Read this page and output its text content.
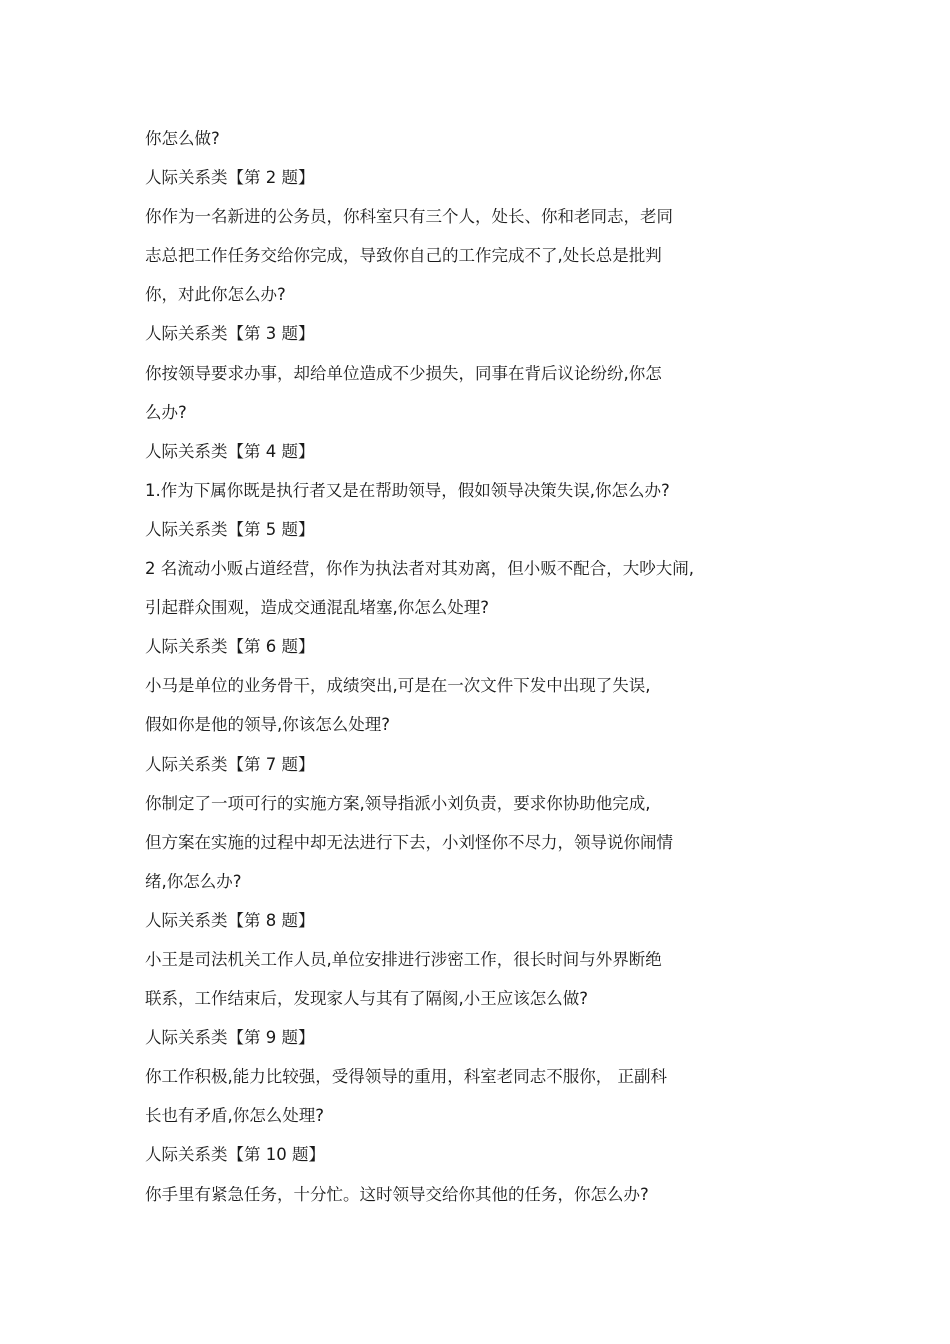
你怎么做?
人际关系类【第 2 题】
你作为一名新进的公务员，你科室只有三个人，处长、你和老同志，老同
志总把工作任务交给你完成，导致你自己的工作完成不了,处长总是批判
你，对此你怎么办?
人际关系类【第 3 题】
你按领导要求办事，却给单位造成不少损失，同事在背后议论纷纷,你怎
么办?
人际关系类【第 4 题】
1.作为下属你既是执行者又是在帮助领导，假如领导决策失误,你怎么办?
人际关系类【第 5 题】
2 名流动小贩占道经营，你作为执法者对其劝离，但小贩不配合，大吵大闹,
引起群众围观，造成交通混乱堵塞,你怎么处理?
人际关系类【第 6 题】
小马是单位的业务骨干，成绩突出,可是在一次文件下发中出现了失误,
假如你是他的领导,你该怎么处理?
人际关系类【第 7 题】
你制定了一项可行的实施方案,领导指派小刘负责，要求你协助他完成,
但方案在实施的过程中却无法进行下去，小刘怪你不尽力，领导说你闹情
绪,你怎么办?
人际关系类【第 8 题】
小王是司法机关工作人员,单位安排进行涉密工作，很长时间与外界断绝
联系，工作结束后，发现家人与其有了隔阂,小王应该怎么做?
人际关系类【第 9 题】
你工作积极,能力比较强，受得领导的重用，科室老同志不服你， 正副科
长也有矛盾,你怎么处理?
人际关系类【第 10 题】
你手里有紧急任务，十分忙。这时领导交给你其他的任务，你怎么办?
